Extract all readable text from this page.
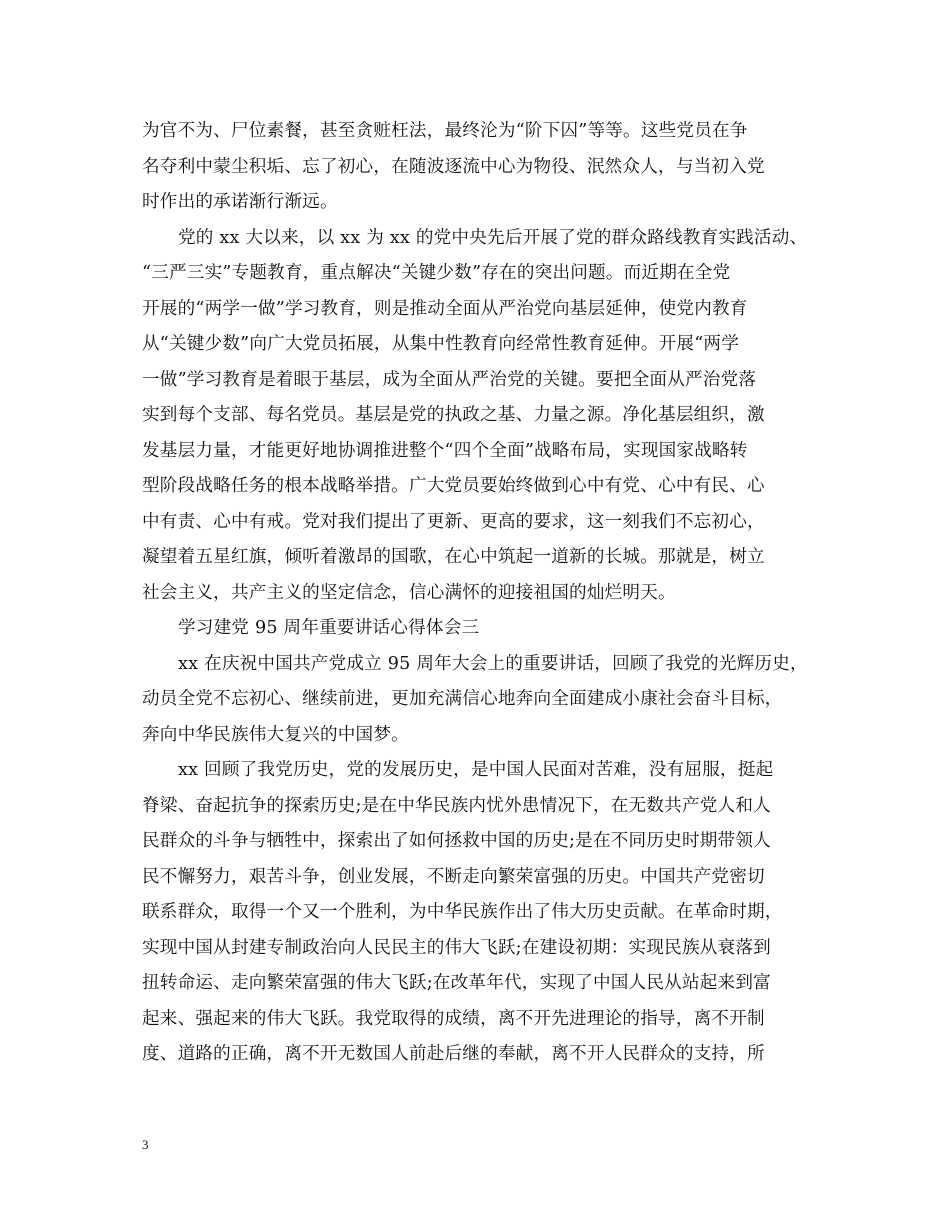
为官不为、尸位素餐，甚至贪赃枉法，最终沦为“阶下囚”等等。这些党员在争
名夺利中蒙尘积垢、忘了初心，在随波逐流中心为物役、泯然众人，与当初入党
时作出的承诺渐行渐远。
党的 xx 大以来，以 xx 为 xx 的党中央先后开展了党的群众路线教育实践活动、
“三严三实”专题教育，重点解决“关键少数”存在的突出问题。而近期在全党
开展的“两学一做”学习教育，则是推动全面从严治党向基层延伸，使党内教育
从“关键少数”向广大党员拓展，从集中性教育向经常性教育延伸。开展“两学
一做”学习教育是着眼于基层，成为全面从严治党的关键。要把全面从严治党落
实到每个支部、每名党员。基层是党的执政之基、力量之源。净化基层组织，激
发基层力量，才能更好地协调推进整个“四个全面”战略布局，实现国家战略转
型阶段战略任务的根本战略举措。广大党员要始终做到心中有党、心中有民、心
中有责、心中有戒。党对我们提出了更新、更高的要求，这一刻我们不忘初心，
凝望着五星红旗，倾听着激昂的国歌，在心中筑起一道新的长城。那就是，树立
社会主义，共产主义的坚定信念，信心满怀的迎接祖国的灿烂明天。
学习建党 95 周年重要讲话心得体会三
xx 在庆祝中国共产党成立 95 周年大会上的重要讲话，回顾了我党的光辉历史，
动员全党不忘初心、继续前进，更加充满信心地奔向全面建成小康社会奋斗目标，
奔向中华民族伟大复兴的中国梦。
xx 回顾了我党历史，党的发展历史，是中国人民面对苦难，没有屈服，挺起
脊梁、奋起抗争的探索历史;是在中华民族内忧外患情况下，在无数共产党人和人
民群众的斗争与牺牲中，探索出了如何拯救中国的历史;是在不同历史时期带领人
民不懈努力，艰苦斗争，创业发展，不断走向繁荣富强的历史。中国共产党密切
联系群众，取得一个又一个胜利，为中华民族作出了伟大历史贡献。在革命时期，
实现中国从封建专制政治向人民民主的伟大飞跃;在建设初期：实现民族从衰落到
扭转命运、走向繁荣富强的伟大飞跃;在改革年代，实现了中国人民从站起来到富
起来、强起来的伟大飞跃。我党取得的成绩，离不开先进理论的指导，离不开制
度、道路的正确，离不开无数国人前赴后继的奉献，离不开人民群众的支持，所
3
